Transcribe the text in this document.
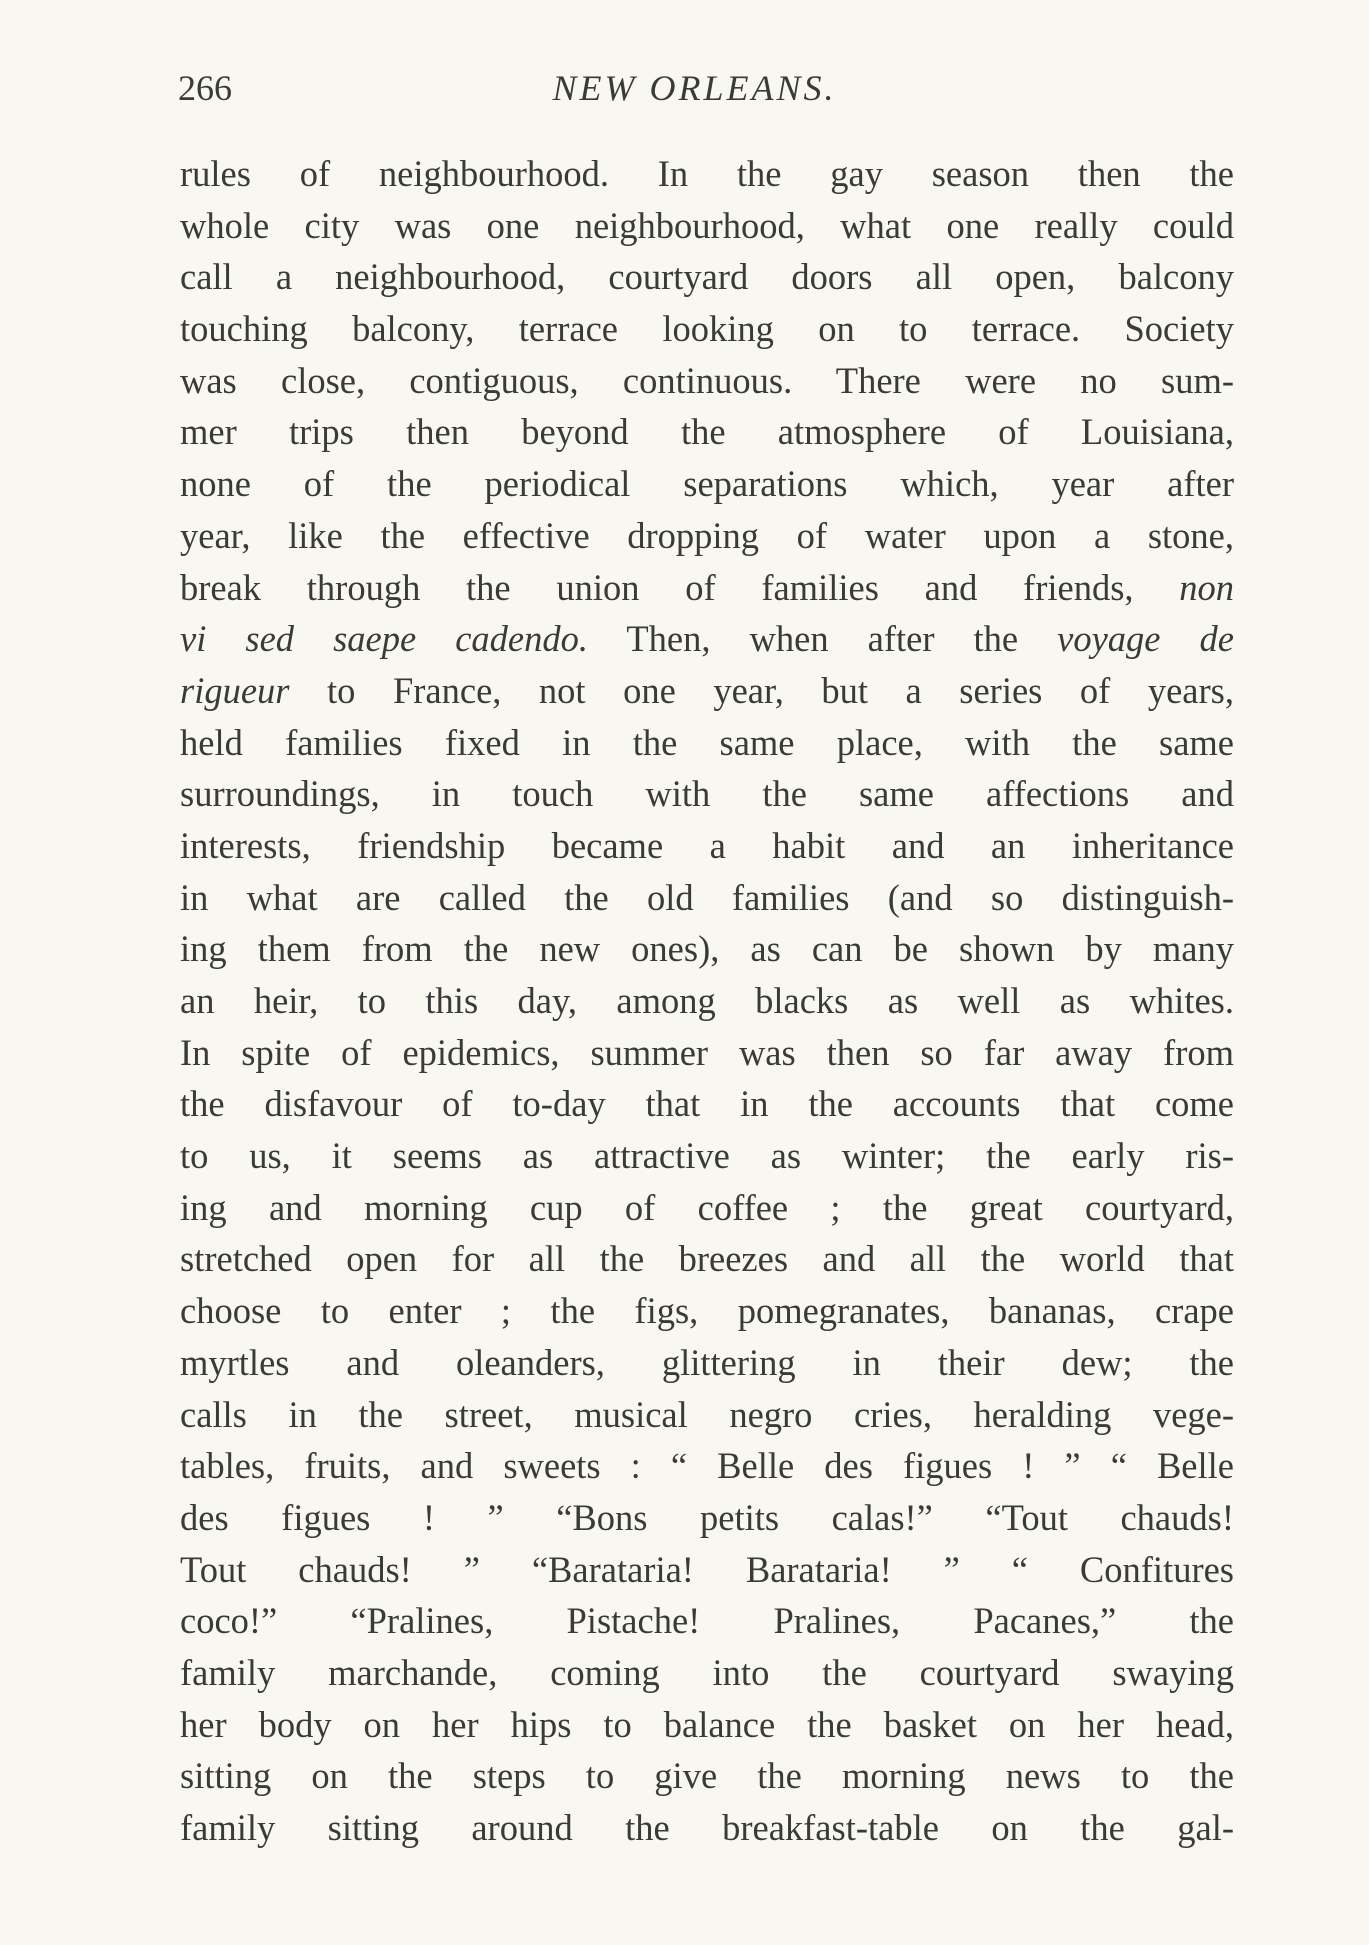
266	NEW ORLEANS.
rules of neighbourhood. In the gay season then the
whole city was one neighbourhood, what one really could
call a neighbourhood, courtyard doors all open, balcony
touching balcony, terrace looking on to terrace. Society
was close, contiguous, continuous. There were no sum-
mer trips then beyond the atmosphere of Louisiana,
none of the periodical separations which, year after
year, like the effective dropping of water upon a stone,
break through the union of families and friends, non
vi sed saepe cadendo. Then, when after the voyage de
rigueur to France, not one year, but a series of years,
held families fixed in the same place, with the same
surroundings, in touch with the same affections and
interests, friendship became a habit and an inheritance
in what are called the old families (and so distinguish-
ing them from the new ones), as can be shown by many
an heir, to this day, among blacks as well as whites.
In spite of epidemics, summer was then so far away from
the disfavour of to-day that in the accounts that come
to us, it seems as attractive as winter; the early ris-
ing and morning cup of coffee ; the great courtyard,
stretched open for all the breezes and all the world that
choose to enter ; the figs, pomegranates, bananas, crape
myrtles and oleanders, glittering in their dew; the
calls in the street, musical negro cries, heralding vege-
tables, fruits, and sweets : “ Belle des figues ! ” “ Belle
des figues ! ” “Bons petits calas!” “Tout chauds!
Tout chauds! ” “Barataria! Barataria! ” “ Confitures
coco!” “Pralines, Pistache! Pralines, Pacanes,” the
family marchande, coming into the courtyard swaying
her body on her hips to balance the basket on her head,
sitting on the steps to give the morning news to the
family sitting around the breakfast-table on the gal-
